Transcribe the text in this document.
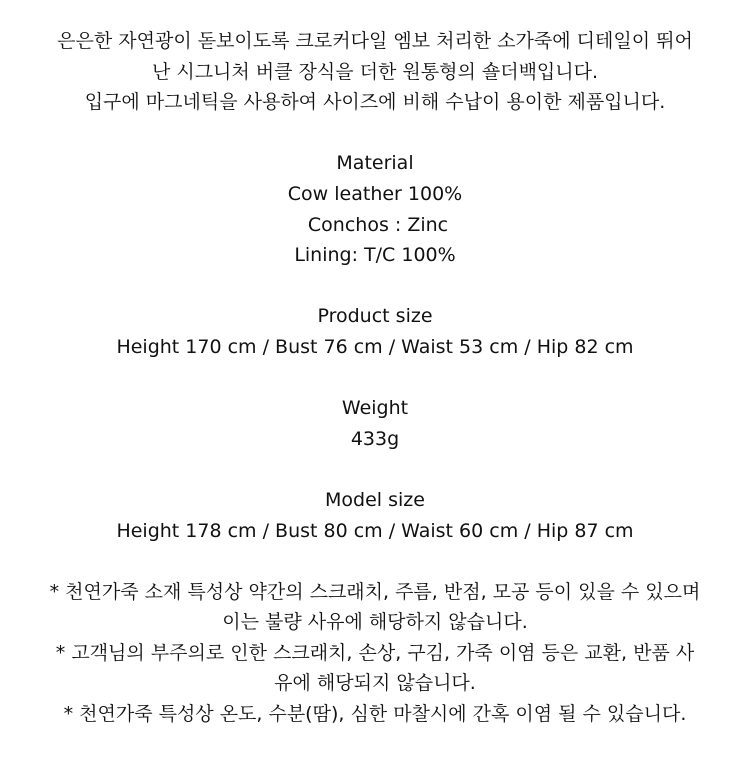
은은한 자연광이 돋보이도록 크로커다일 엠보 처리한 소가죽에 디테일이 뛰어
난 시그니처 버클 장식을 더한 원통형의 숄더백입니다.
입구에 마그네틱을 사용하여 사이즈에 비해 수납이 용이한 제품입니다.
Material
Cow leather 100%
Conchos : Zinc
Lining: T/C 100%
Product size
Height 170 cm / Bust 76 cm / Waist 53 cm / Hip 82 cm
Weight
433g
Model size
Height 178 cm / Bust 80 cm / Waist 60 cm / Hip 87 cm
* 천연가죽 소재 특성상 약간의 스크래치, 주름, 반점, 모공 등이 있을 수 있으며
이는 불량 사유에 해당하지 않습니다.
* 고객님의 부주의로 인한 스크래치, 손상, 구김, 가죽 이염 등은 교환, 반품 사
유에 해당되지 않습니다.
* 천연가죽 특성상 온도, 수분(땀), 심한 마찰시에 간혹 이염 될 수 있습니다.
